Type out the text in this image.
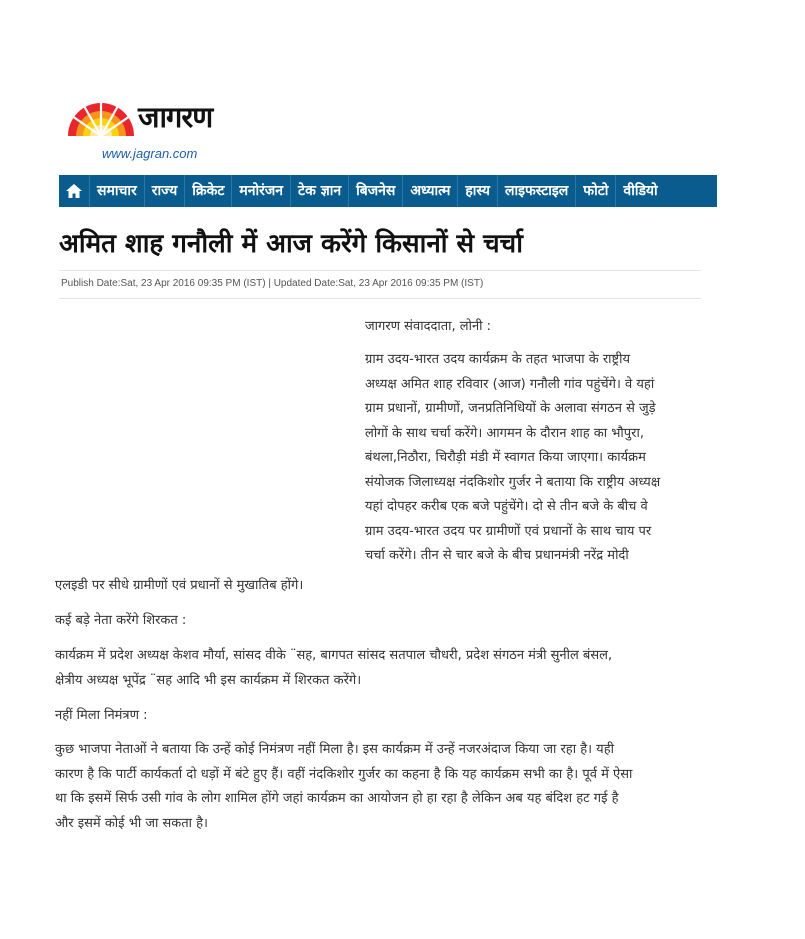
जागरण
www.jagran.com
समाचार	राज्य	क्रिकेट	मनोरंजन	टेक ज्ञान	बिजनेस	अध्यात्म	हास्य	लाइफस्टाइल	फोटो	वीडियो
अमित शाह गनौली में आज करेंगे किसानों से चर्चा
Publish Date:Sat, 23 Apr 2016 09:35 PM (IST) | Updated Date:Sat, 23 Apr 2016 09:35 PM (IST)

जागरण संवाददाता, लोनी :

ग्राम उदय-भारत उदय कार्यक्रम के तहत भाजपा के राष्ट्रीय
अध्यक्ष अमित शाह रविवार (आज) गनौली गांव पहुंचेंगे। वे यहां
ग्राम प्रधानों, ग्रामीणों, जनप्रतिनिधियों के अलावा संगठन से जुड़े
लोगों के साथ चर्चा करेंगे। आगमन के दौरान शाह का भौपुरा,
बंथला,निठौरा, चिरौड़ी मंडी में स्वागत किया जाएगा। कार्यक्रम
संयोजक जिलाध्यक्ष नंदकिशोर गुर्जर ने बताया कि राष्ट्रीय अध्यक्ष
यहां दोपहर करीब एक बजे पहुंचेंगे। दो से तीन बजे के बीच वे
ग्राम उदय-भारत उदय पर ग्रामीणों एवं प्रधानों के साथ चाय पर
चर्चा करेंगे। तीन से चार बजे के बीच प्रधानमंत्री नरेंद्र मोदी
एलइडी पर सीधे ग्रामीणों एवं प्रधानों से मुखातिब होंगे।
कई बड़े नेता करेंगे शिरकत :
कार्यक्रम में प्रदेश अध्यक्ष केशव मौर्या, सांसद वीके ¨सह, बागपत सांसद सतपाल चौधरी, प्रदेश संगठन मंत्री सुनील बंसल,
क्षेत्रीय अध्यक्ष भूपेंद्र ¨सह आदि भी इस कार्यक्रम में शिरकत करेंगे।
नहीं मिला निमंत्रण :
कुछ भाजपा नेताओं ने बताया कि उन्हें कोई निमंत्रण नहीं मिला है। इस कार्यक्रम में उन्हें नजरअंदाज किया जा रहा है। यही
कारण है कि पार्टी कार्यकर्ता दो धड़ों में बंटे हुए हैं। वहीं नंदकिशोर गुर्जर का कहना है कि यह कार्यक्रम सभी का है। पूर्व में ऐसा
था कि इसमें सिर्फ उसी गांव के लोग शामिल होंगे जहां कार्यक्रम का आयोजन हो हा रहा है लेकिन अब यह बंदिश हट गई है
और इसमें कोई भी जा सकता है।
